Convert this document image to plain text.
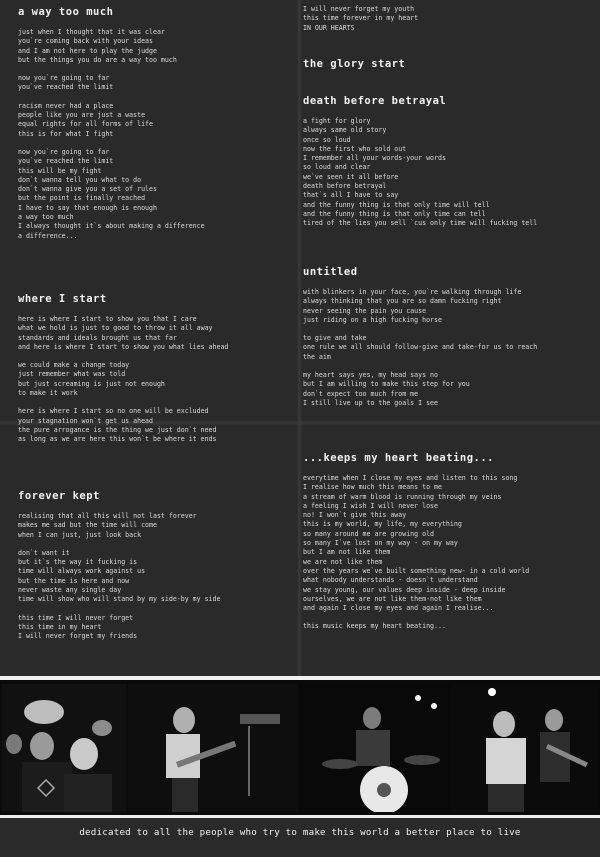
a way too much
just when I thought that it was clear
you`re coming back with your ideas
and I am not here to play the judge
but the things you do are a way too much
now you`re going to far
you`ve reached the limit
racism never had a place
people like you are just a waste
equal rights for all forms of life
this is for what I fight
now you`re going to far
you`ve reached the limit
this will be my fight
don`t wanna tell you what to do
don`t wanna give you a set of rules
but the point is finally reached
I have to say that enough is enough
a way too much
I always thought it`s about making a difference
a difference...
where I start
here is where I start to show you that I care
what we hold is just to good to throw it all away
standards and ideals brought us that far
and here is where I start to show you what lies ahead
we could make a change today
just remember what was told
but just screaming is just not enough
to make it work
here is where I start so no one will be excluded
your stagnation won`t get us ahead
the pure arrogance is the thing we just don`t need
as long as we are here this won`t be where it ends
forever kept
realising that all this will not last forever
makes me sad but the time will come
when I can just, just look back
don`t want it
but it`s the way it fucking is
time will always work against us
but the time is here and now
never waste any single day
time will show who will stand by my side-by my side
this time I will never forget
this time in my heart
I will never forget my friends
I will never forget my youth
this time forever in my heart
IN OUR HEARTS
the glory start
death before betrayal
a fight for glory
always same old story
once so loud
now the first who sold out
I remember all your words-your words
so loud and clear
we`ve seen it all before
death before betrayal
that`s all I have to say
and the funny thing is that only time will tell
and the funny thing is that only time can tell
tired of the lies you sell `cus only time will fucking tell
untitled
with blinkers in your face, you`re walking through life
always thinking that you are so damn fucking right
never seeing the pain you cause
just riding on a high fucking horse
to give and take
one rule we all should follow-give and take-for us to reach
the aim
my heart says yes, my head says no
but I am willing to make this step for you
don`t expect too much from me
I still live up to the goals I see
...keeps my heart beating...
everytime when I close my eyes and listen to this song
I realise how much this means to me
a stream of warm blood is running through my veins
a feeling I wish I will never lose
no! I won`t give this away
this is my world, my life, my everything
so many around me are growing old
so many I`ve lost on my way - on my way
but I am not like them
we are not like them
over the years we`ve built something new- in a cold world
what nobody understands - doesn`t understand
we stay young, our values deep inside - deep inside
ourselves, we are not like them-not like them
and again I close my eyes and again I realise...
this music keeps my heart beating...
dedicated to all the people who try to make this world a better place to live
